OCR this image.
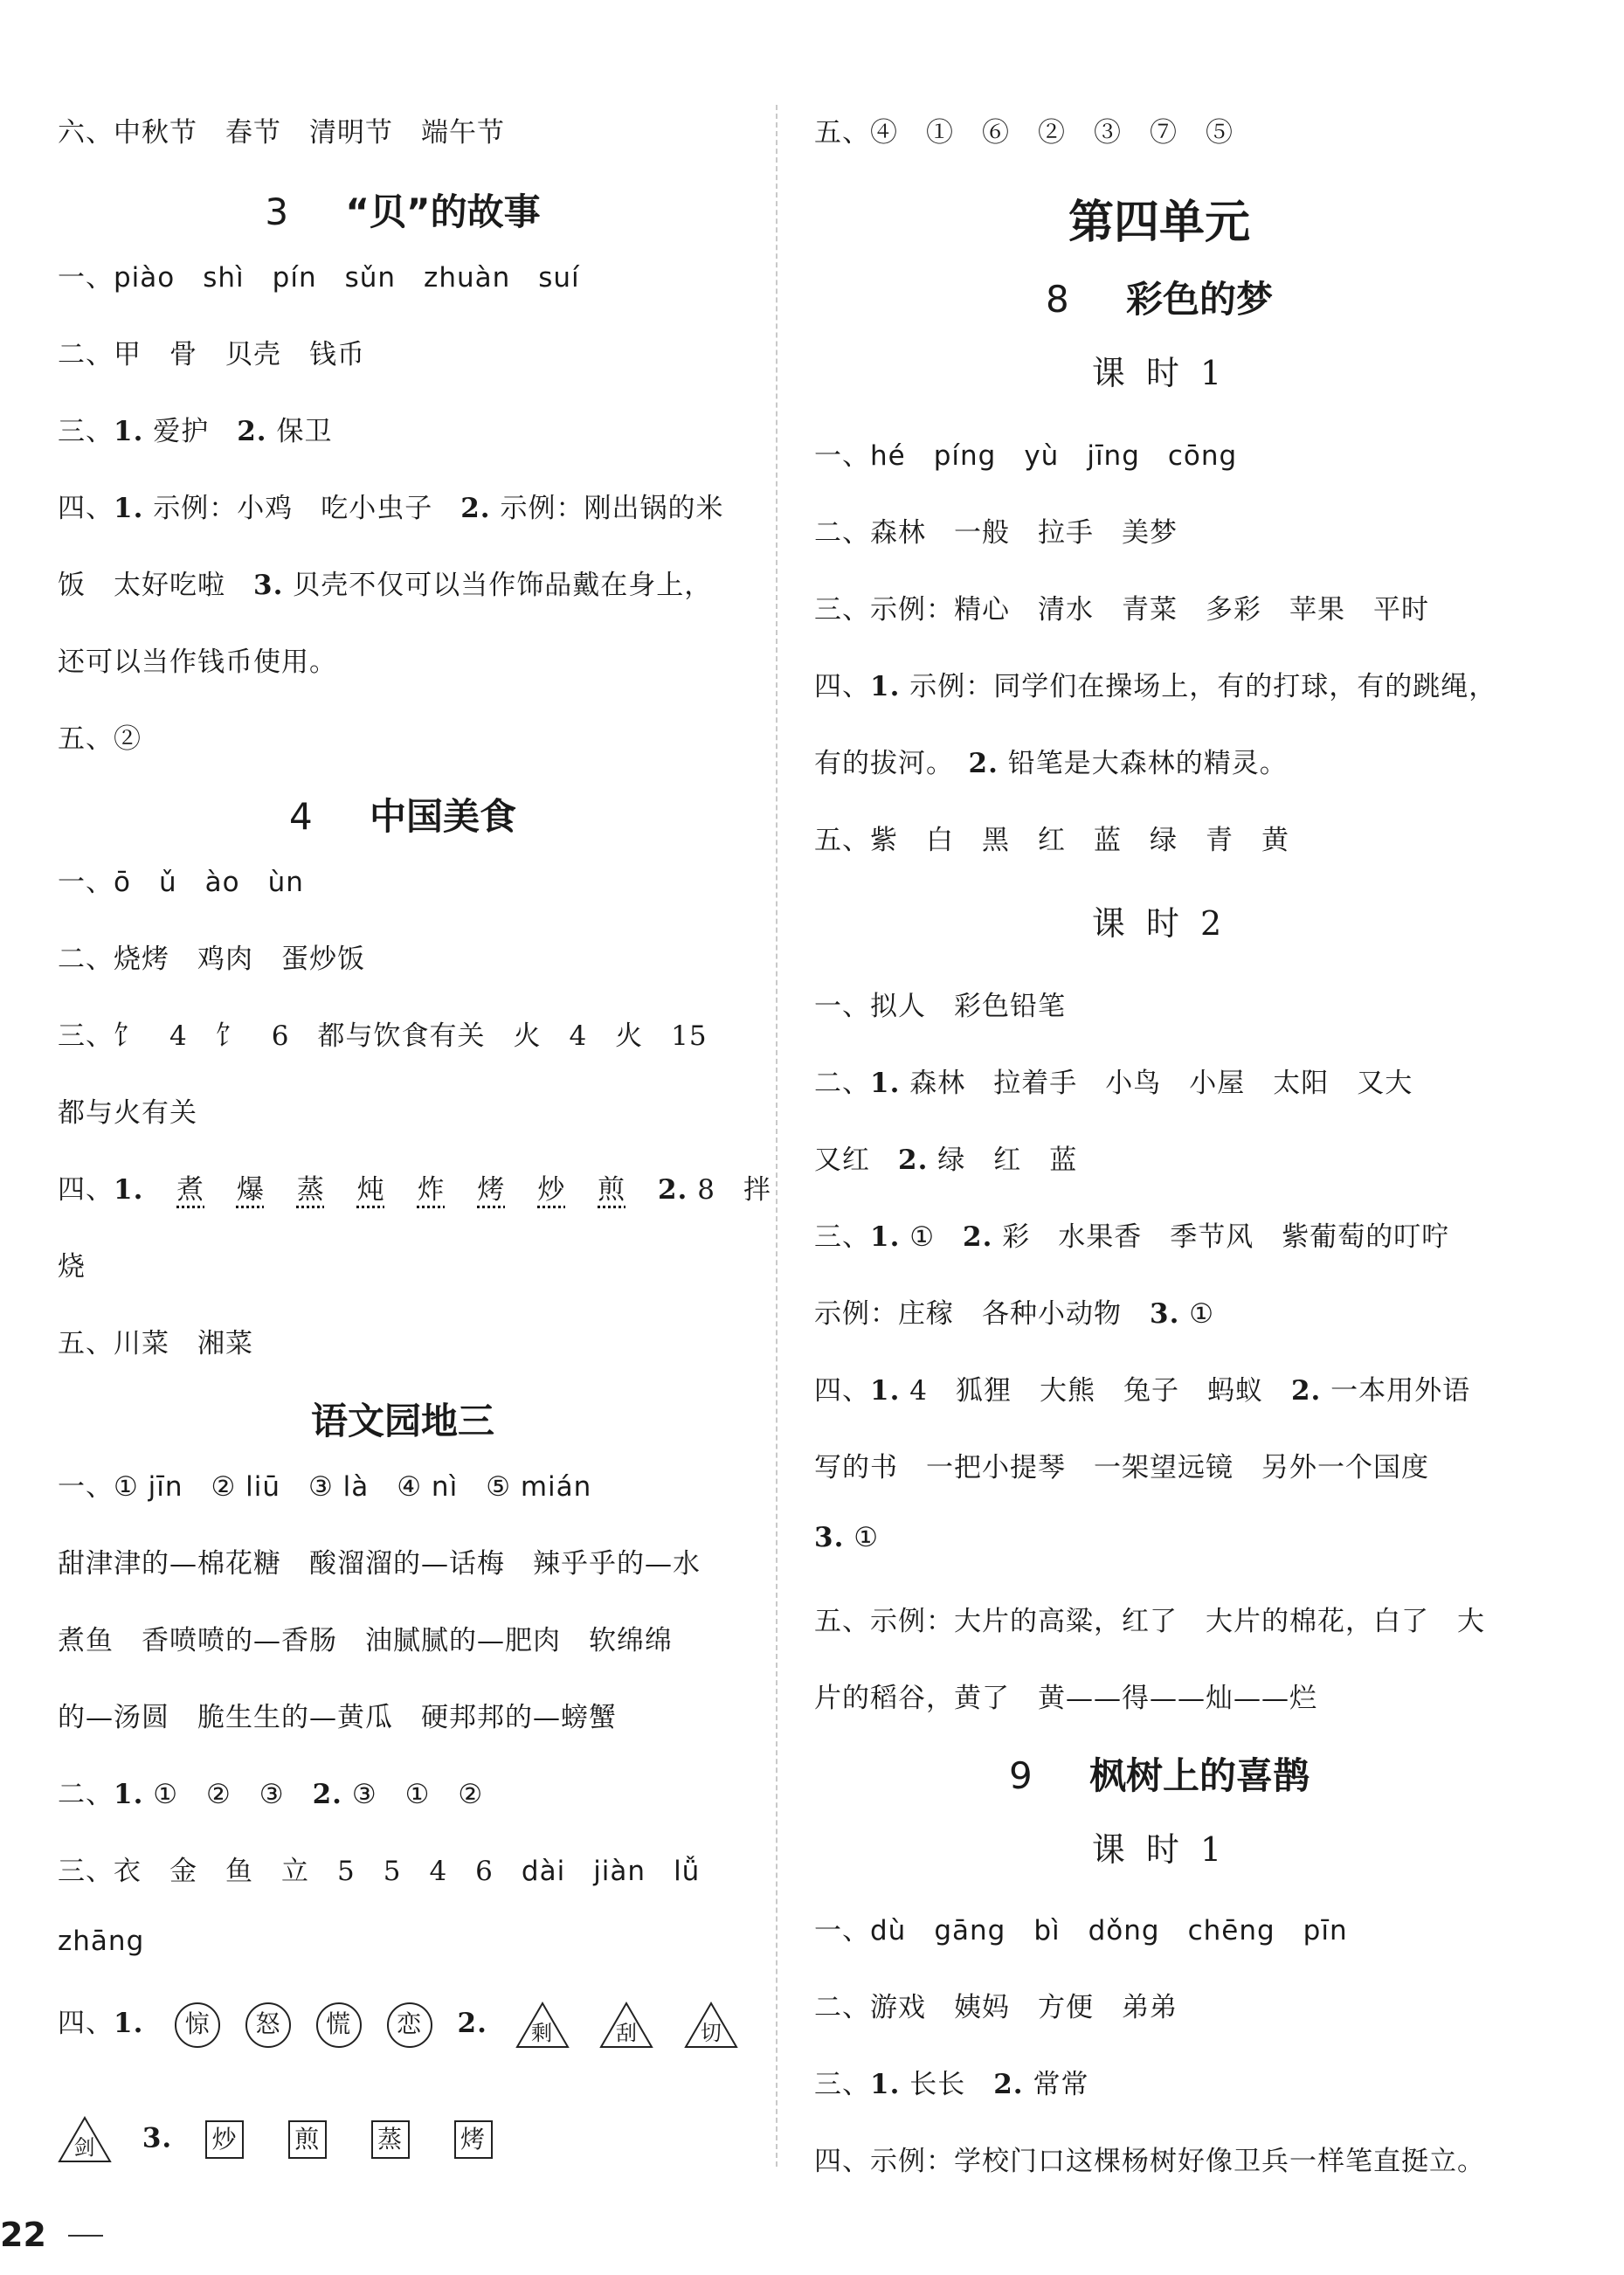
六、中秋节　春节　清明节　端午节
3 “贝”的故事
一、piào　shì　pín　sǔn　zhuàn　suí
二、甲　骨　贝壳　钱币
三、1. 爱护　2. 保卫
四、1. 示例：小鸡　吃小虫子　2. 示例：刚出锅的米
饭　太好吃啦　3. 贝壳不仅可以当作饰品戴在身上，
还可以当作钱币使用。
五、②
4 中国美食
一、ō　ǔ　ào　ùn
二、烧烤　鸡肉　蛋炒饭
三、饣　4　饣　6　都与饮食有关　火　4　火　15
都与火有关
四、1. 煮 爆 蒸 炖 炸 烤 炒 煎 2. 8　拌
烧
五、川菜　湘菜
语文园地三
一、① jīn　② liū　③ là　④ nì　⑤ mián
甜津津的—棉花糖　酸溜溜的—话梅　辣乎乎的—水
煮鱼　香喷喷的—香肠　油腻腻的—肥肉　软绵绵
的—汤圆　脆生生的—黄瓜　硬邦邦的—螃蟹
二、1. ①　②　③　2. ③　①　②
三、衣　金　鱼　立　5　5　4　6　dài　jiàn　lǚ
zhāng
四、1. 惊 怒 慌 恋 2.	剩
	刮
	切
剑	3. 炒 煎 蒸 烤
五、④　①　⑥　②　③　⑦　⑤
第四单元
8 彩色的梦
课 时 1
一、hé　píng　yù　jīng　cōng
二、森林　一般　拉手　美梦
三、示例：精心　清水　青菜　多彩　苹果　平时
四、1. 示例：同学们在操场上，有的打球，有的跳绳，
有的拔河。　2. 铅笔是大森林的精灵。
五、紫　白　黑　红　蓝　绿　青　黄
课 时 2
一、拟人　彩色铅笔
二、1. 森林　拉着手　小鸟　小屋　太阳　又大
又红　2. 绿　红　蓝
三、1. ①　2. 彩　水果香　季节风　紫葡萄的叮咛
示例：庄稼　各种小动物　3. ①
四、1. 4　狐狸　大熊　兔子　蚂蚁　2. 一本用外语
写的书　一把小提琴　一架望远镜　另外一个国度
3. ①
五、示例：大片的高粱，红了　大片的棉花，白了　大
片的稻谷，黄了　黄——得——灿——烂
9 枫树上的喜鹊
课 时 1
一、dù　gāng　bì　dǒng　chēng　pīn
二、游戏　姨妈　方便　弟弟
三、1. 长长　2. 常常
四、示例：学校门口这棵杨树好像卫兵一样笔直挺立。
22
